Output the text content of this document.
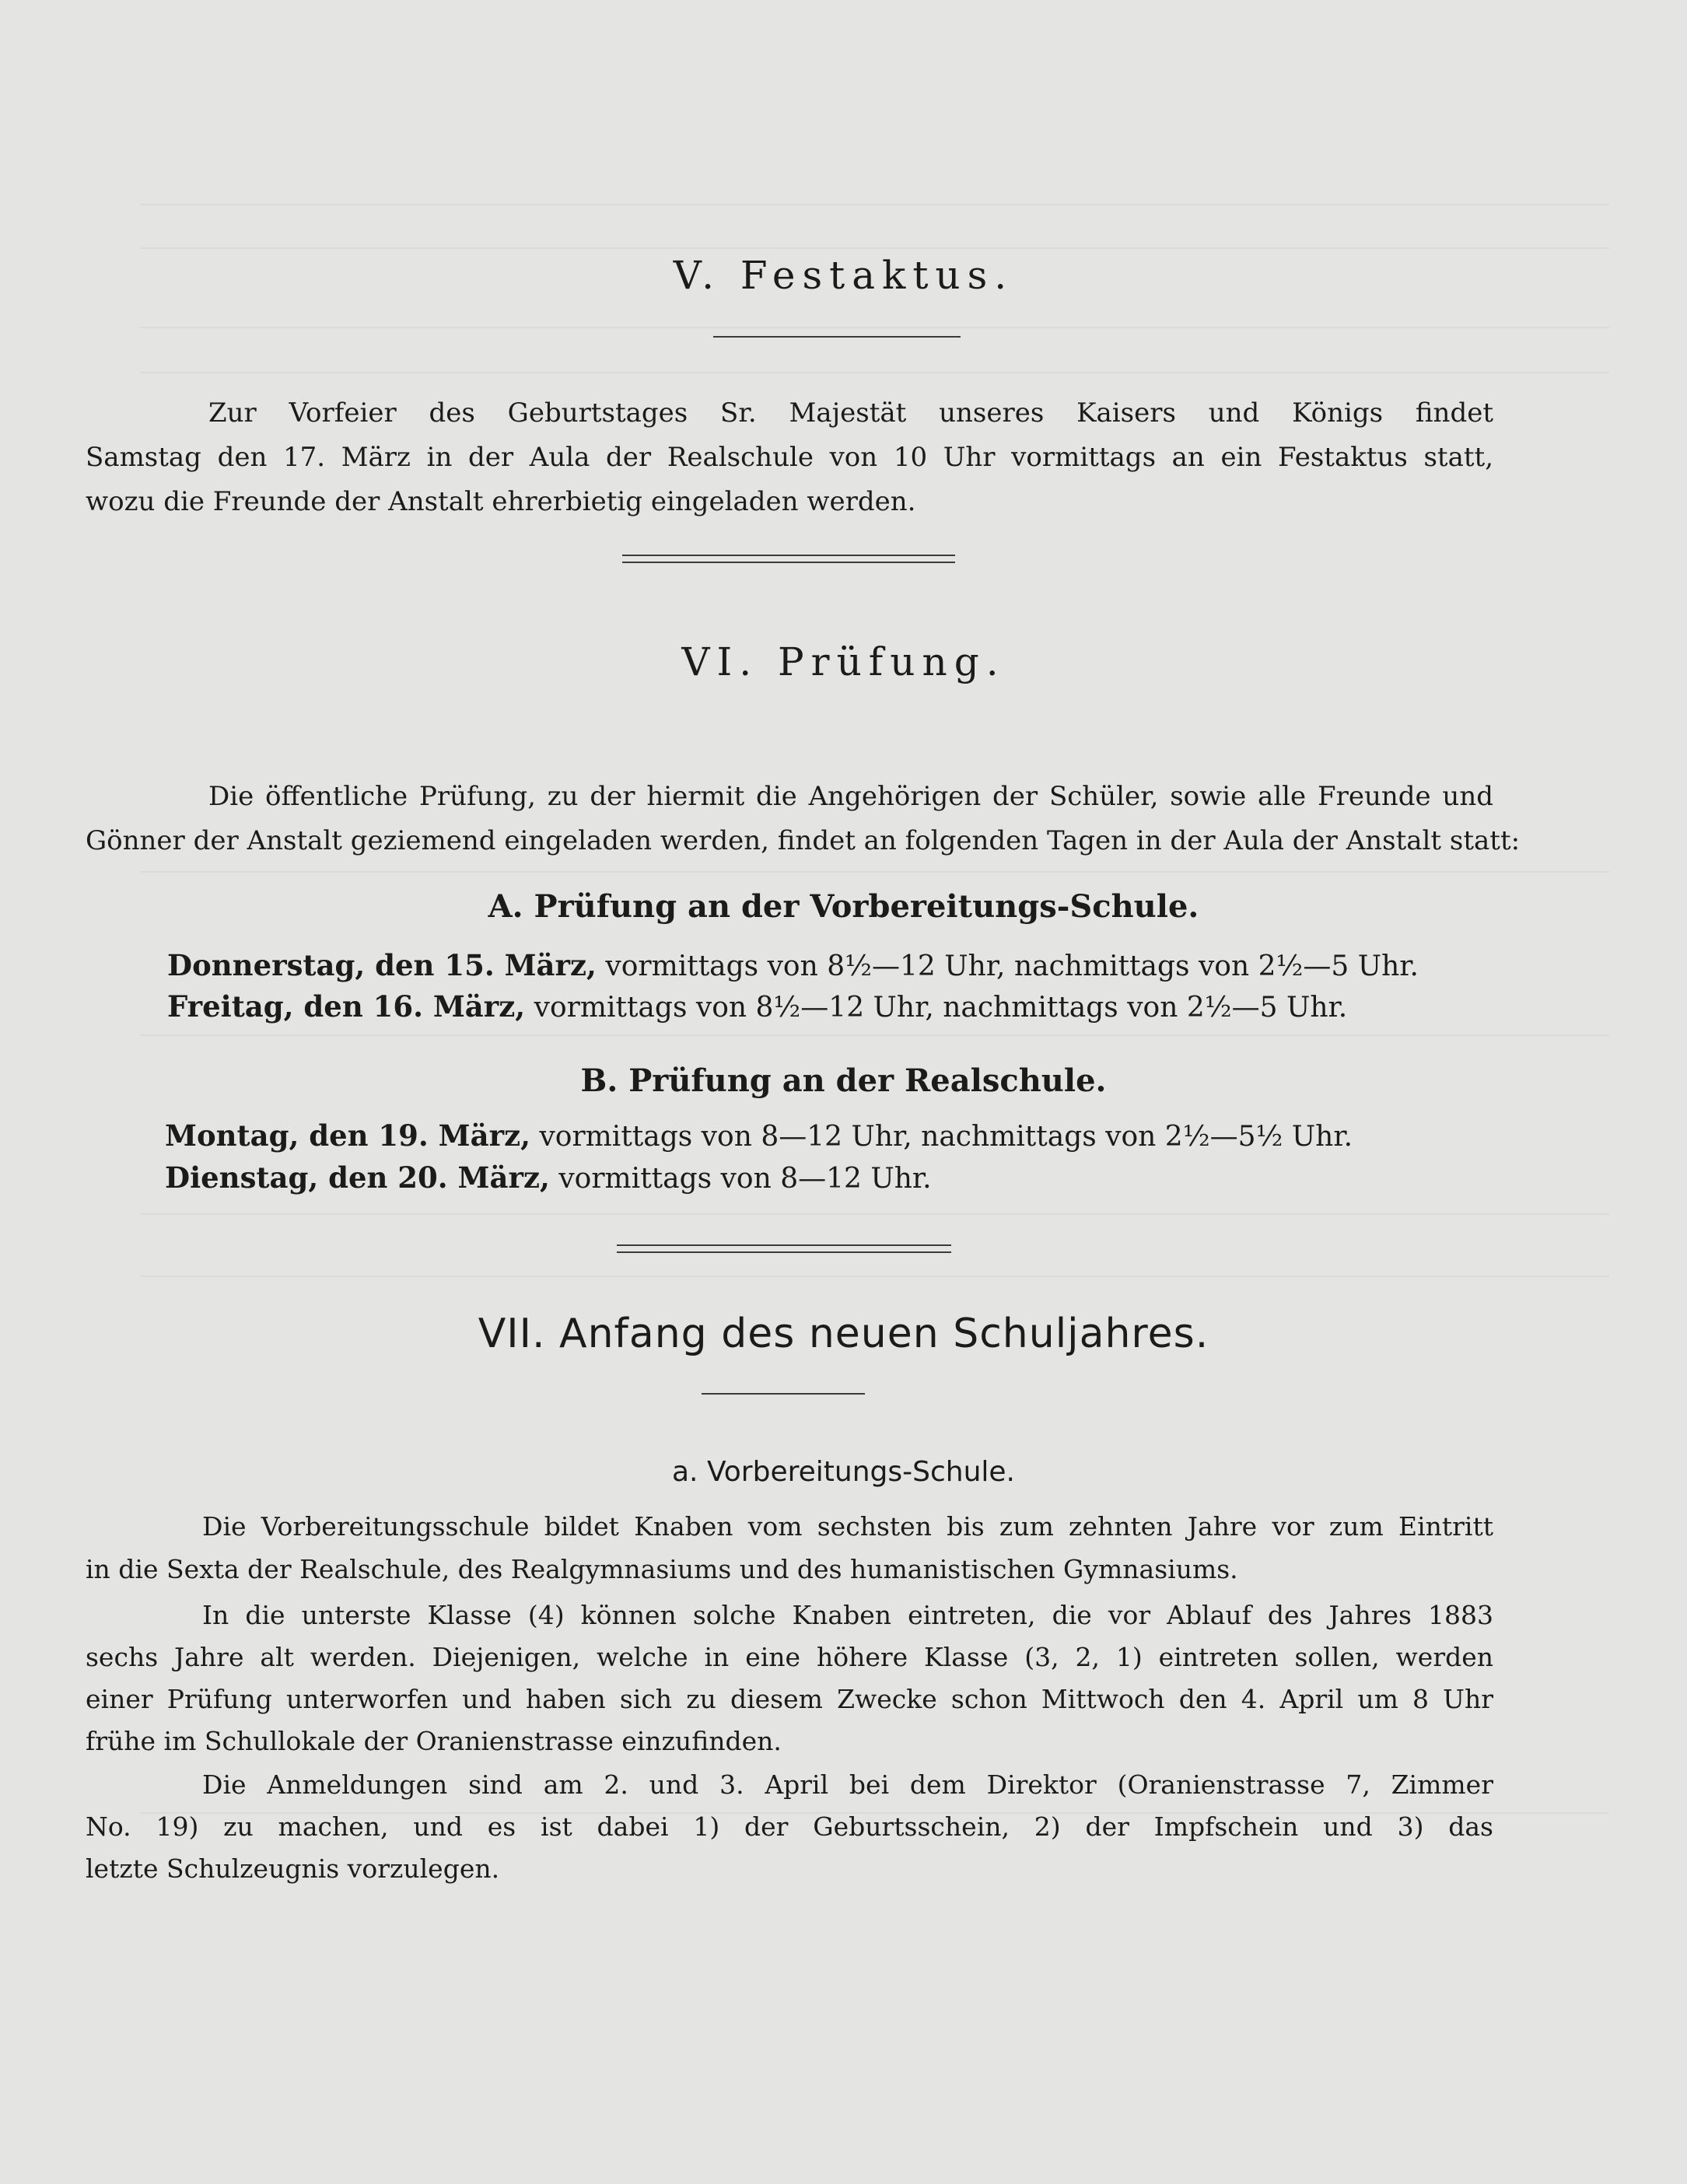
V. Festaktus.
Zur Vorfeier des Geburtstages Sr. Majestät unseres Kaisers und Königs findet
Samstag den 17. März in der Aula der Realschule von 10 Uhr vormittags an ein Festaktus statt,
wozu die Freunde der Anstalt ehrerbietig eingeladen werden.
VI. Prüfung.
Die öffentliche Prüfung, zu der hiermit die Angehörigen der Schüler, sowie alle Freunde und
Gönner der Anstalt geziemend eingeladen werden, findet an folgenden Tagen in der Aula der Anstalt statt:
A. Prüfung an der Vorbereitungs-Schule.
Donnerstag, den 15. März, vormittags von 8½—12 Uhr, nachmittags von 2½—5 Uhr.
Freitag, den 16. März, vormittags von 8½—12 Uhr, nachmittags von 2½—5 Uhr.
B. Prüfung an der Realschule.
Montag, den 19. März, vormittags von 8—12 Uhr, nachmittags von 2½—5½ Uhr.
Dienstag, den 20. März, vormittags von 8—12 Uhr.
VII. Anfang des neuen Schuljahres.
a. Vorbereitungs-Schule.
Die Vorbereitungsschule bildet Knaben vom sechsten bis zum zehnten Jahre vor zum Eintritt
in die Sexta der Realschule, des Realgymnasiums und des humanistischen Gymnasiums.
In die unterste Klasse (4) können solche Knaben eintreten, die vor Ablauf des Jahres 1883
sechs Jahre alt werden. Diejenigen, welche in eine höhere Klasse (3, 2, 1) eintreten sollen, werden
einer Prüfung unterworfen und haben sich zu diesem Zwecke schon Mittwoch den 4. April um 8 Uhr
frühe im Schullokale der Oranienstrasse einzufinden.
Die Anmeldungen sind am 2. und 3. April bei dem Direktor (Oranienstrasse 7, Zimmer
No. 19) zu machen, und es ist dabei 1) der Geburtsschein, 2) der Impfschein und 3) das
letzte Schulzeugnis vorzulegen.
